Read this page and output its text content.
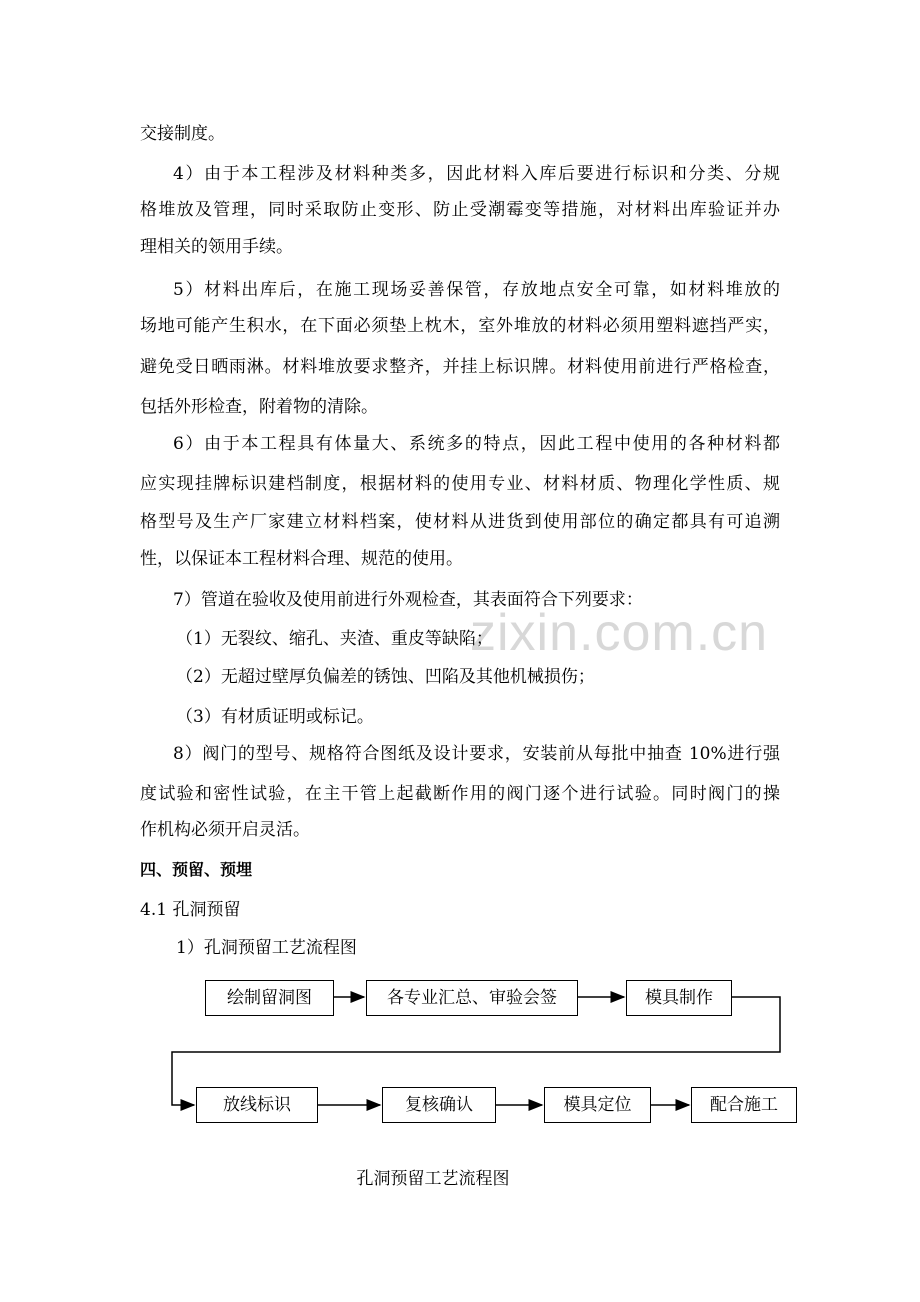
zixin.com.cn
交接制度。
4）由于本工程涉及材料种类多，因此材料入库后要进行标识和分类、分规
格堆放及管理，同时采取防止变形、防止受潮霉变等措施，对材料出库验证并办
理相关的领用手续。
5）材料出库后，在施工现场妥善保管，存放地点安全可靠，如材料堆放的
场地可能产生积水，在下面必须垫上枕木，室外堆放的材料必须用塑料遮挡严实，
避免受日晒雨淋。材料堆放要求整齐，并挂上标识牌。材料使用前进行严格检查，
包括外形检查，附着物的清除。
6）由于本工程具有体量大、系统多的特点，因此工程中使用的各种材料都
应实现挂牌标识建档制度，根据材料的使用专业、材料材质、物理化学性质、规
格型号及生产厂家建立材料档案，使材料从进货到使用部位的确定都具有可追溯
性，以保证本工程材料合理、规范的使用。
7）管道在验收及使用前进行外观检查，其表面符合下列要求：
（1）无裂纹、缩孔、夹渣、重皮等缺陷；
（2）无超过壁厚负偏差的锈蚀、凹陷及其他机械损伤；
（3）有材质证明或标记。
8）阀门的型号、规格符合图纸及设计要求，安装前从每批中抽查 10%进行强
度试验和密性试验，在主干管上起截断作用的阀门逐个进行试验。同时阀门的操
作机构必须开启灵活。
四、预留、预埋
4.1 孔洞预留
1）孔洞预留工艺流程图
绘制留洞图	各专业汇总、审验会签	模具制作
放线标识	复核确认	模具定位	配合施工
孔洞预留工艺流程图
